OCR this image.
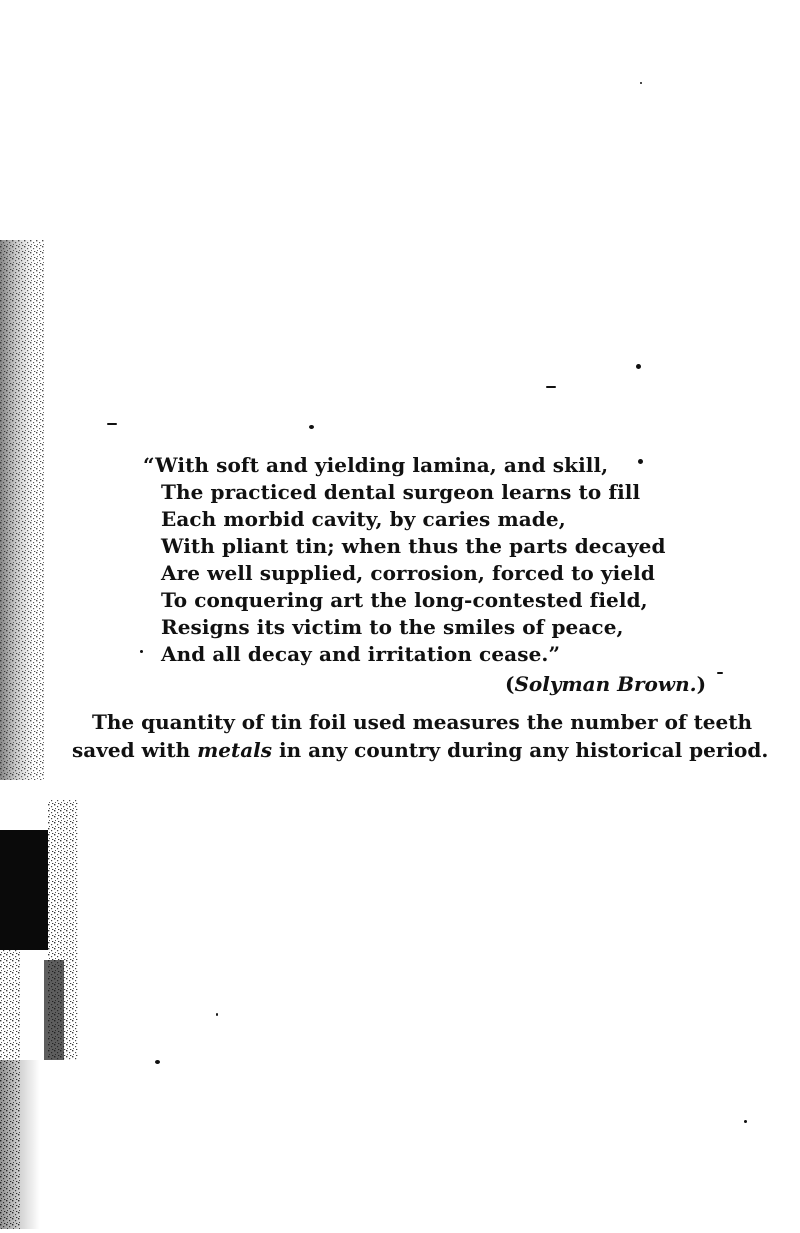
“With soft and yielding lamina, and skill,
The practiced dental surgeon learns to fill
Each morbid cavity, by caries made,
With pliant tin; when thus the parts decayed
Are well supplied, corrosion, forced to yield
To conquering art the long-contested field,
Resigns its victim to the smiles of peace,
And all decay and irritation cease.”
(Solyman Brown.)
The quantity of tin foil used measures the number of teeth
saved with metals in any country during any historical period.
